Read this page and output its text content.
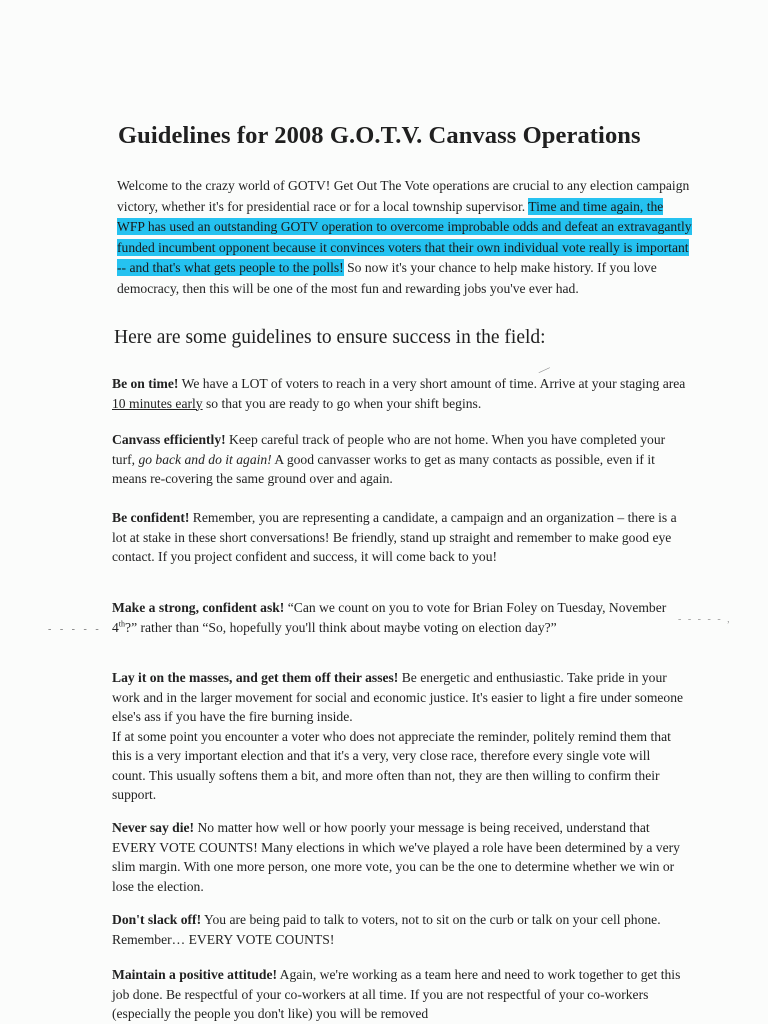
Guidelines for 2008 G.O.T.V. Canvass Operations
Welcome to the crazy world of GOTV! Get Out The Vote operations are crucial to any election campaign victory, whether it's for presidential race or for a local township supervisor. Time and time again, the WFP has used an outstanding GOTV operation to overcome improbable odds and defeat an extravagantly funded incumbent opponent because it convinces voters that their own individual vote really is important -- and that's what gets people to the polls! So now it's your chance to help make history. If you love democracy, then this will be one of the most fun and rewarding jobs you've ever had.
Here are some guidelines to ensure success in the field:
—
Be on time! We have a LOT of voters to reach in a very short amount of time. Arrive at your staging area 10 minutes early so that you are ready to go when your shift begins.
Canvass efficiently! Keep careful track of people who are not home. When you have completed your turf, go back and do it again! A good canvasser works to get as many contacts as possible, even if it means re-covering the same ground over and again.
Be confident! Remember, you are representing a candidate, a campaign and an organization – there is a lot at stake in these short conversations! Be friendly, stand up straight and remember to make good eye contact. If you project confident and success, it will come back to you!
Make a strong, confident ask! “Can we count on you to vote for Brian Foley on Tuesday, November 4th?” rather than “So, hopefully you'll think about maybe voting on election day?”
- - - - -
- - - - - ,
Lay it on the masses, and get them off their asses! Be energetic and enthusiastic. Take pride in your work and in the larger movement for social and economic justice. It's easier to light a fire under someone else's ass if you have the fire burning inside.
If at some point you encounter a voter who does not appreciate the reminder, politely remind them that this is a very important election and that it's a very, very close race, therefore every single vote will count. This usually softens them a bit, and more often than not, they are then willing to confirm their support.
Never say die! No matter how well or how poorly your message is being received, understand that EVERY VOTE COUNTS! Many elections in which we've played a role have been determined by a very slim margin. With one more person, one more vote, you can be the one to determine whether we win or lose the election.
Don't slack off! You are being paid to talk to voters, not to sit on the curb or talk on your cell phone. Remember… EVERY VOTE COUNTS!
Maintain a positive attitude! Again, we're working as a team here and need to work together to get this job done. Be respectful of your co-workers at all time. If you are not respectful of your co-workers (especially the people you don't like) you will be removed
